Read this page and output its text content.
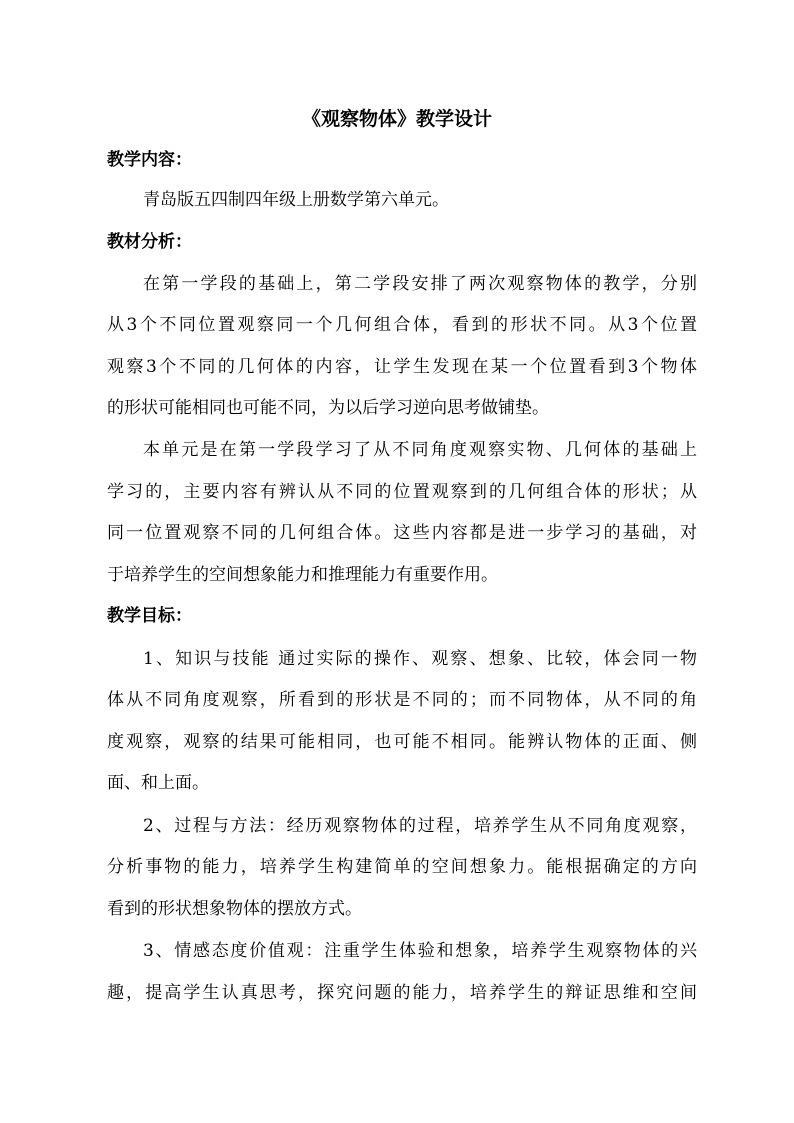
《观察物体》教学设计
教学内容：
青岛版五四制四年级上册数学第六单元。
教材分析：
在第一学段的基础上，第二学段安排了两次观察物体的教学，分别
从3个不同位置观察同一个几何组合体，看到的形状不同。从3个位置
观察3个不同的几何体的内容，让学生发现在某一个位置看到3个物体
的形状可能相同也可能不同，为以后学习逆向思考做铺垫。
本单元是在第一学段学习了从不同角度观察实物、几何体的基础上
学习的，主要内容有辨认从不同的位置观察到的几何组合体的形状；从
同一位置观察不同的几何组合体。这些内容都是进一步学习的基础，对
于培养学生的空间想象能力和推理能力有重要作用。
教学目标：
1、知识与技能 通过实际的操作、观察、想象、比较，体会同一物
体从不同角度观察，所看到的形状是不同的；而不同物体，从不同的角
度观察，观察的结果可能相同，也可能不相同。能辨认物体的正面、侧
面、和上面。
2、过程与方法：经历观察物体的过程，培养学生从不同角度观察，
分析事物的能力，培养学生构建简单的空间想象力。能根据确定的方向
看到的形状想象物体的摆放方式。
3、情感态度价值观：注重学生体验和想象，培养学生观察物体的兴
趣，提高学生认真思考，探究问题的能力，培养学生的辩证思维和空间
